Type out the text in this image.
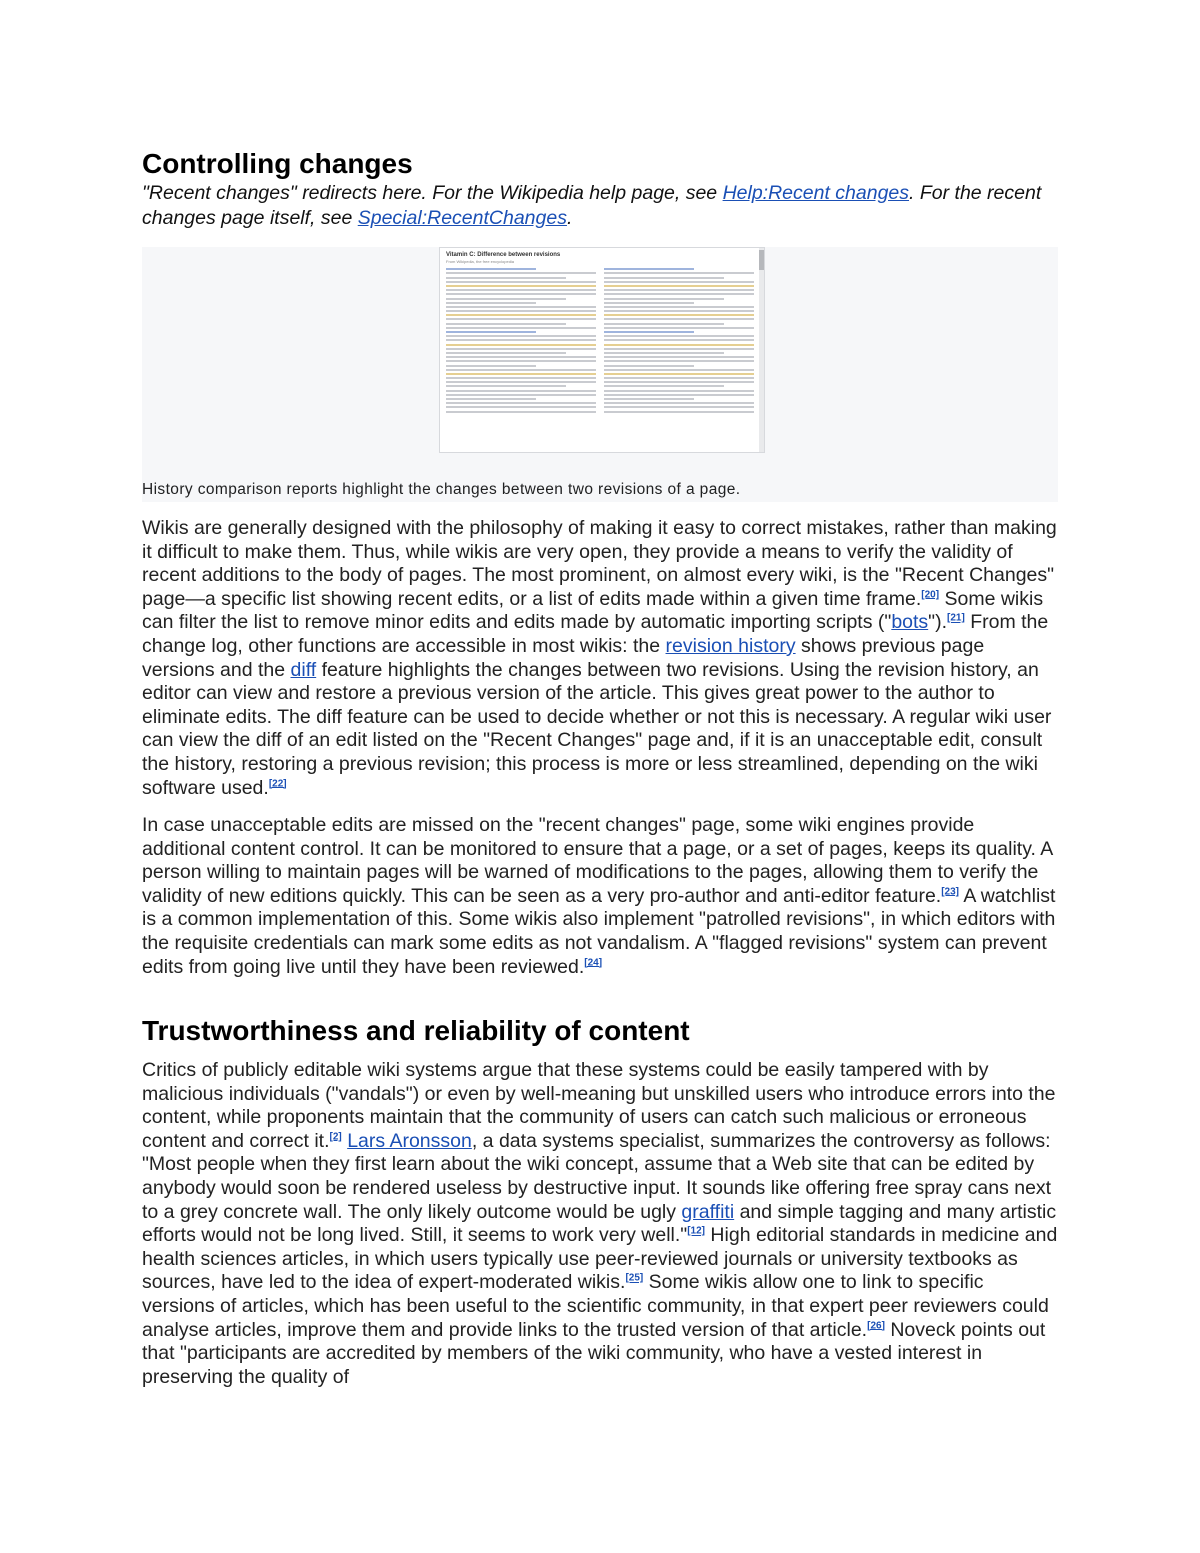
Controlling changes
"Recent changes" redirects here. For the Wikipedia help page, see Help:Recent changes. For the recent changes page itself, see Special:RecentChanges.
Vitamin C: Difference between revisions
From Wikipedia, the free encyclopedia
History comparison reports highlight the changes between two revisions of a page.
Wikis are generally designed with the philosophy of making it easy to correct mistakes, rather than making it difficult to make them. Thus, while wikis are very open, they provide a means to verify the validity of recent additions to the body of pages. The most prominent, on almost every wiki, is the "Recent Changes" page—a specific list showing recent edits, or a list of edits made within a given time frame.[20] Some wikis can filter the list to remove minor edits and edits made by automatic importing scripts ("bots").[21] From the change log, other functions are accessible in most wikis: the revision history shows previous page versions and the diff feature highlights the changes between two revisions. Using the revision history, an editor can view and restore a previous version of the article. This gives great power to the author to eliminate edits. The diff feature can be used to decide whether or not this is necessary. A regular wiki user can view the diff of an edit listed on the "Recent Changes" page and, if it is an unacceptable edit, consult the history, restoring a previous revision; this process is more or less streamlined, depending on the wiki software used.[22]
In case unacceptable edits are missed on the "recent changes" page, some wiki engines provide additional content control. It can be monitored to ensure that a page, or a set of pages, keeps its quality. A person willing to maintain pages will be warned of modifications to the pages, allowing them to verify the validity of new editions quickly. This can be seen as a very pro-author and anti-editor feature.[23] A watchlist is a common implementation of this. Some wikis also implement "patrolled revisions", in which editors with the requisite credentials can mark some edits as not vandalism. A "flagged revisions" system can prevent edits from going live until they have been reviewed.[24]
Trustworthiness and reliability of content
Critics of publicly editable wiki systems argue that these systems could be easily tampered with by malicious individuals ("vandals") or even by well-meaning but unskilled users who introduce errors into the content, while proponents maintain that the community of users can catch such malicious or erroneous content and correct it.[2] Lars Aronsson, a data systems specialist, summarizes the controversy as follows: "Most people when they first learn about the wiki concept, assume that a Web site that can be edited by anybody would soon be rendered useless by destructive input. It sounds like offering free spray cans next to a grey concrete wall. The only likely outcome would be ugly graffiti and simple tagging and many artistic efforts would not be long lived. Still, it seems to work very well."[12] High editorial standards in medicine and health sciences articles, in which users typically use peer-reviewed journals or university textbooks as sources, have led to the idea of expert-moderated wikis.[25] Some wikis allow one to link to specific versions of articles, which has been useful to the scientific community, in that expert peer reviewers could analyse articles, improve them and provide links to the trusted version of that article.[26] Noveck points out that "participants are accredited by members of the wiki community, who have a vested interest in preserving the quality of
